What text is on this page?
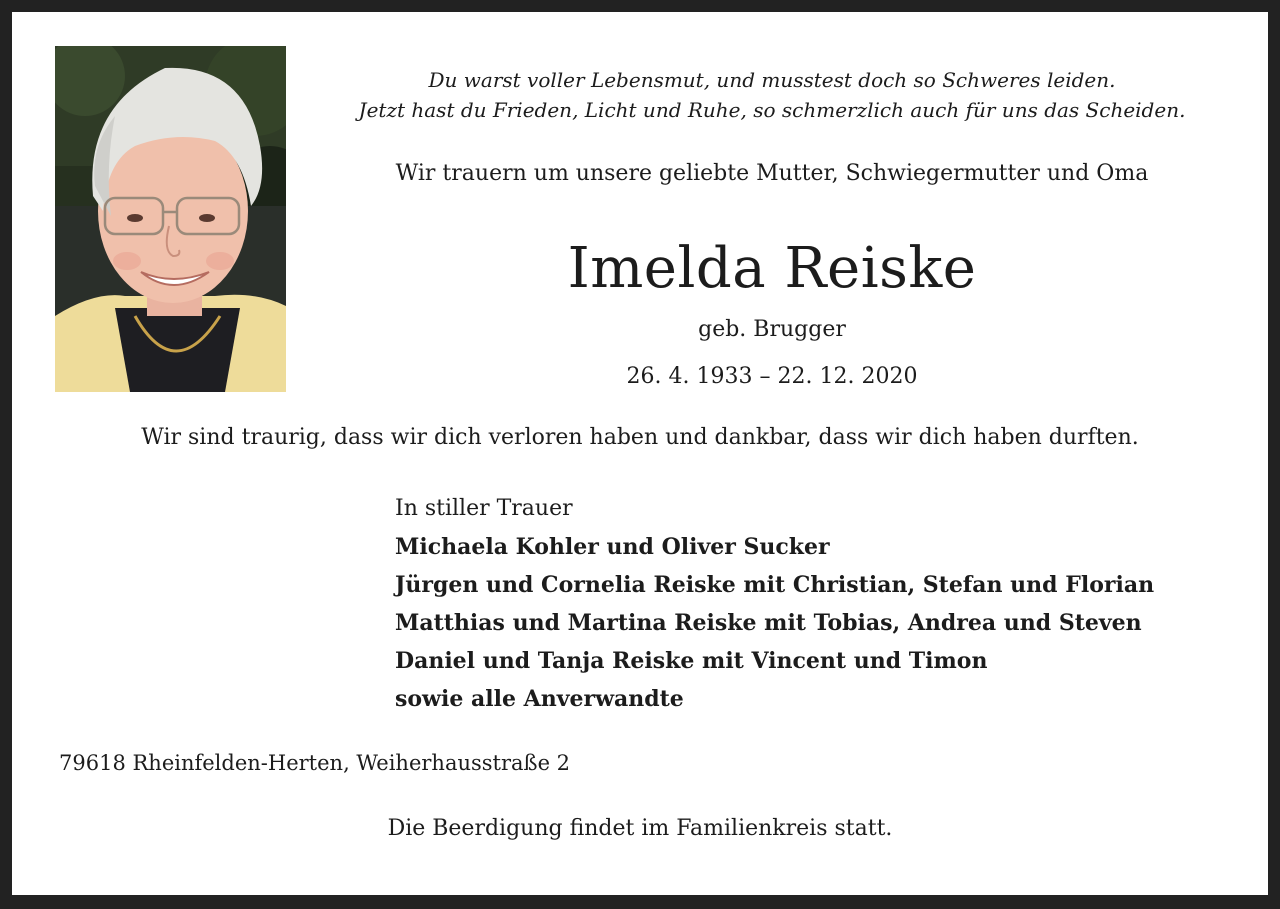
Du warst voller Lebensmut, und musstest doch so Schweres leiden.

Jetzt hast du Frieden, Licht und Ruhe, so schmerzlich auch für uns das Scheiden.

Wir trauern um unsere geliebte Mutter, Schwiegermutter und Oma

Imelda Reiske

geb. Brugger

26. 4. 1933 – 22. 12. 2020

Wir sind traurig, dass wir dich verloren haben und dankbar, dass wir dich haben durften.

In stiller Trauer
Michaela Kohler und Oliver Sucker
Jürgen und Cornelia Reiske mit Christian, Stefan und Florian
Matthias und Martina Reiske mit Tobias, Andrea und Steven
Daniel und Tanja Reiske mit Vincent und Timon
sowie alle Anverwandte
79618 Rheinfelden-Herten, Weiherhausstraße 2

Die Beerdigung findet im Familienkreis statt.
